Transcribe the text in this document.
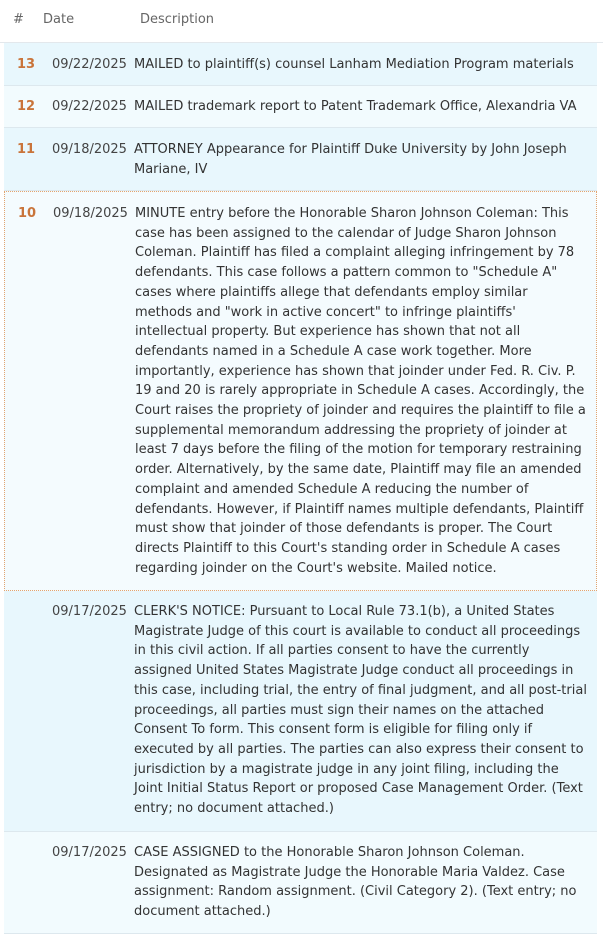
# Date	Description
13 09/22/2025 MAILED to plaintiff(s) counsel Lanham Mediation Program materials
12 09/22/2025 MAILED trademark report to Patent Trademark Office, Alexandria VA
11 09/18/2025 ATTORNEY Appearance for Plaintiff Duke University by John Joseph Mariane, IV
10 09/18/2025 MINUTE entry before the Honorable Sharon Johnson Coleman: This case has been assigned to the calendar of Judge Sharon Johnson Coleman. Plaintiff has filed a complaint alleging infringement by 78 defendants. This case follows a pattern common to "Schedule A" cases where plaintiffs allege that defendants employ similar methods and "work in active concert" to infringe plaintiffs' intellectual property. But experience has shown that not all defendants named in a Schedule A case work together. More importantly, experience has shown that joinder under Fed. R. Civ. P. 19 and 20 is rarely appropriate in Schedule A cases. Accordingly, the Court raises the propriety of joinder and requires the plaintiff to file a supplemental memorandum addressing the propriety of joinder at least 7 days before the filing of the motion for temporary restraining order. Alternatively, by the same date, Plaintiff may file an amended complaint and amended Schedule A reducing the number of defendants. However, if Plaintiff names multiple defendants, Plaintiff must show that joinder of those defendants is proper. The Court directs Plaintiff to this Court's standing order in Schedule A cases regarding joinder on the Court's website. Mailed notice.
09/17/2025 CLERK'S NOTICE: Pursuant to Local Rule 73.1(b), a United States Magistrate Judge of this court is available to conduct all proceedings in this civil action. If all parties consent to have the currently assigned United States Magistrate Judge conduct all proceedings in this case, including trial, the entry of final judgment, and all post-trial proceedings, all parties must sign their names on the attached Consent To form. This consent form is eligible for filing only if executed by all parties. The parties can also express their consent to jurisdiction by a magistrate judge in any joint filing, including the Joint Initial Status Report or proposed Case Management Order. (Text entry; no document attached.)
09/17/2025 CASE ASSIGNED to the Honorable Sharon Johnson Coleman. Designated as Magistrate Judge the Honorable Maria Valdez. Case assignment: Random assignment. (Civil Category 2). (Text entry; no document attached.)
